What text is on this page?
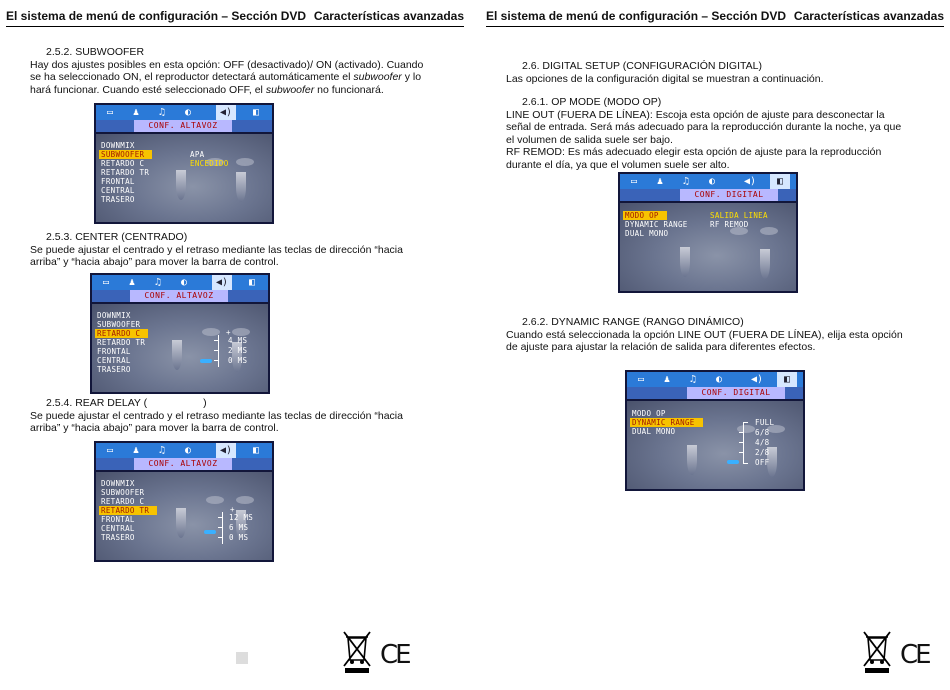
El sistema de menú de configuración – Sección DVD Características avanzadas

2.5.2. SUBWOOFER

Hay dos ajustes posibles en esta opción: OFF (desactivado)/ ON (activado). Cuando

se ha seleccionado ON, el reproductor detectará automáticamente el subwoofer y lo

hará funcionar. Cuando esté seleccionado OFF, el subwoofer no funcionará.

▭	♟	♫	◐	◀)	◧
CONF. ALTAVOZ
DOWNMIX
SUBWOOFER
RETARDO C
RETARDO TR
FRONTAL
CENTRAL
TRASERO
APA
ENCEDIDO

2.5.3. CENTER (CENTRADO)

Se puede ajustar el centrado y el retraso mediante las teclas de dirección “hacia

arriba” y “hacia abajo” para mover la barra de control.

▭	♟	♫	◐	◀)	◧
CONF. ALTAVOZ
DOWNMIX
SUBWOOFER
RETARDO C
RETARDO TR
FRONTAL
CENTRAL
TRASERO
+
4 MS
2 MS
0 MS

2.5.4. REAR DELAY (	)

Se puede ajustar el centrado y el retraso mediante las teclas de dirección “hacia

arriba” y “hacia abajo” para mover la barra de control.

▭	♟	♫	◐	◀)	◧
CONF. ALTAVOZ
DOWNMIX
SUBWOOFER
RETARDO C
RETARDO TR
FRONTAL
CENTRAL
TRASERO
+
12 MS
6 MS
0 MS
CE
El sistema de menú de configuración – Sección DVD Características avanzadas

2.6. DIGITAL SETUP (CONFIGURACIÓN DIGITAL)

Las opciones de la configuración digital se muestran a continuación.

2.6.1. OP MODE (MODO OP)

LINE OUT (FUERA DE LÍNEA): Escoja esta opción de ajuste para desconectar la

señal de entrada. Será más adecuado para la reproducción durante la noche, ya que

el volumen de salida suele ser bajo.

RF REMOD: Es más adecuado elegir esta opción de ajuste para la reproducción

durante el día, ya que el volumen suele ser alto.

▭	♟	♫	◐	◀)	◧
CONF. DIGITAL
MODO OP
DYNAMIC RANGE
DUAL MONO
SALIDA LINEA
RF REMOD

2.6.2. DYNAMIC RANGE (RANGO DINÁMICO)

Cuando está seleccionada la opción LINE OUT (FUERA DE LÍNEA), elija esta opción

de ajuste para ajustar la relación de salida para diferentes efectos.

▭	♟	♫	◐	◀)	◧
CONF. DIGITAL
MODO OP
DYNAMIC RANGE
DUAL MONO
FULL
6/8
4/8
2/8
OFF
CE
